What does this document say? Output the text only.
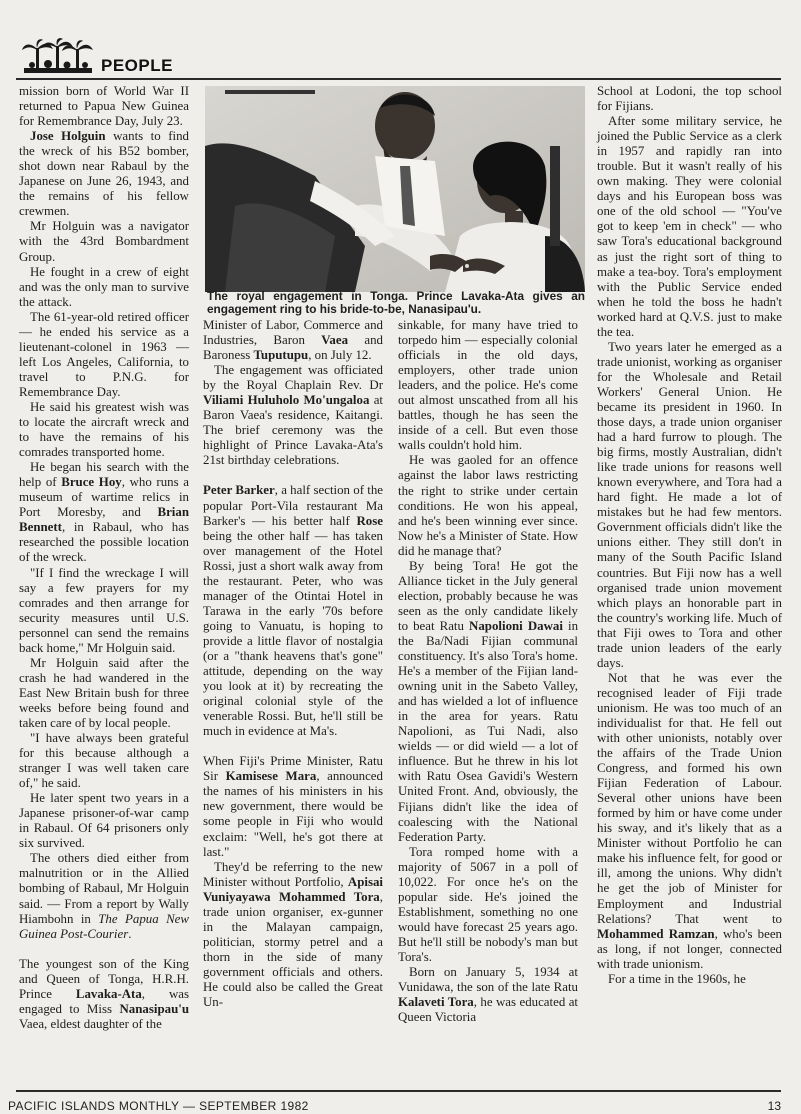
PEOPLE

mission born of World War II returned to Papua New Guinea for Remembrance Day, July 23.

Jose Holguin wants to find the wreck of his B52 bomber, shot down near Rabaul by the Japanese on June 26, 1943, and the remains of his fellow crewmen.

Mr Holguin was a navigator with the 43rd Bombardment Group.

He fought in a crew of eight and was the only man to survive the attack.

The 61-year-old retired officer — he ended his service as a lieutenant-colonel in 1963 — left Los Angeles, California, to travel to P.N.G. for Remembrance Day.

He said his greatest wish was to locate the aircraft wreck and to have the remains of his comrades transported home.

He began his search with the help of Bruce Hoy, who runs a museum of wartime relics in Port Moresby, and Brian Bennett, in Rabaul, who has researched the possible location of the wreck.

"If I find the wreckage I will say a few prayers for my comrades and then arrange for security measures until U.S. personnel can send the remains back home," Mr Holguin said.

Mr Holguin said after the crash he had wandered in the East New Britain bush for three weeks before being found and taken care of by local people.

"I have always been grateful for this because although a stranger I was well taken care of," he said.

He later spent two years in a Japanese prisoner-of-war camp in Rabaul. Of 64 prisoners only six survived.

The others died either from malnutrition or in the Allied bombing of Rabaul, Mr Holguin said. — From a report by Wally Hiambohn in The Papua New Guinea Post-Courier.

The youngest son of the King and Queen of Tonga, H.R.H. Prince Lavaka-Ata, was engaged to Miss Nanasipau'u Vaea, eldest daughter of the

The royal engagement in Tonga. Prince Lavaka-Ata gives an engagement ring to his bride-to-be, Nanasipau'u.

Minister of Labor, Commerce and Industries, Baron Vaea and Baroness Tuputupu, on July 12.

The engagement was officiated by the Royal Chaplain Rev. Dr Viliami Huluholo Mo'ungaloa at Baron Vaea's residence, Kaitangi. The brief ceremony was the highlight of Prince Lavaka-Ata's 21st birthday celebrations.

Peter Barker, a half section of the popular Port-Vila restaurant Ma Barker's — his better half Rose being the other half — has taken over management of the Hotel Rossi, just a short walk away from the restaurant. Peter, who was manager of the Otintai Hotel in Tarawa in the early '70s before going to Vanuatu, is hoping to provide a little flavor of nostalgia (or a "thank heavens that's gone" attitude, depending on the way you look at it) by recreating the original colonial style of the venerable Rossi. But, he'll still be much in evidence at Ma's.

When Fiji's Prime Minister, Ratu Sir Kamisese Mara, announced the names of his ministers in his new government, there would be some people in Fiji who would exclaim: "Well, he's got there at last."

They'd be referring to the new Minister without Portfolio, Apisai Vuniyayawa Mohammed Tora, trade union organiser, ex-gunner in the Malayan campaign, politician, stormy petrel and a thorn in the side of many government officials and others. He could also be called the Great Un-

sinkable, for many have tried to torpedo him — especially colonial officials in the old days, employers, other trade union leaders, and the police. He's come out almost unscathed from all his battles, though he has seen the inside of a cell. But even those walls couldn't hold him.

He was gaoled for an offence against the labor laws restricting the right to strike under certain conditions. He won his appeal, and he's been winning ever since. Now he's a Minister of State. How did he manage that?

By being Tora! He got the Alliance ticket in the July general election, probably because he was seen as the only candidate likely to beat Ratu Napolioni Dawai in the Ba/Nadi Fijian communal constituency. It's also Tora's home. He's a member of the Fijian land-owning unit in the Sabeto Valley, and has wielded a lot of influence in the area for years. Ratu Napolioni, as Tui Nadi, also wields — or did wield — a lot of influence. But he threw in his lot with Ratu Osea Gavidi's Western United Front. And, obviously, the Fijians didn't like the idea of coalescing with the National Federation Party.

Tora romped home with a majority of 5067 in a poll of 10,022. For once he's on the popular side. He's joined the Establishment, something no one would have forecast 25 years ago. But he'll still be nobody's man but Tora's.

Born on January 5, 1934 at Vunidawa, the son of the late Ratu Kalaveti Tora, he was educated at Queen Victoria

School at Lodoni, the top school for Fijians.

After some military service, he joined the Public Service as a clerk in 1957 and rapidly ran into trouble. But it wasn't really of his own making. They were colonial days and his European boss was one of the old school — "You've got to keep 'em in check" — who saw Tora's educational background as just the right sort of thing to make a tea-boy. Tora's employment with the Public Service ended when he told the boss he hadn't worked hard at Q.V.S. just to make the tea.

Two years later he emerged as a trade unionist, working as organiser for the Wholesale and Retail Workers' General Union. He became its president in 1960. In those days, a trade union organiser had a hard furrow to plough. The big firms, mostly Australian, didn't like trade unions for reasons well known everywhere, and Tora had a hard fight. He made a lot of mistakes but he had few mentors. Government officials didn't like the unions either. They still don't in many of the South Pacific Island countries. But Fiji now has a well organised trade union movement which plays an honorable part in the country's working life. Much of that Fiji owes to Tora and other trade union leaders of the early days.

Not that he was ever the recognised leader of Fiji trade unionism. He was too much of an individualist for that. He fell out with other unionists, notably over the affairs of the Trade Union Congress, and formed his own Fijian Federation of Labour. Several other unions have been formed by him or have come under his sway, and it's likely that as a Minister without Portfolio he can make his influence felt, for good or ill, among the unions. Why didn't he get the job of Minister for Employment and Industrial Relations? That went to Mohammed Ramzan, who's been as long, if not longer, connected with trade unionism.

For a time in the 1960s, he

PACIFIC ISLANDS MONTHLY — SEPTEMBER 1982	13
